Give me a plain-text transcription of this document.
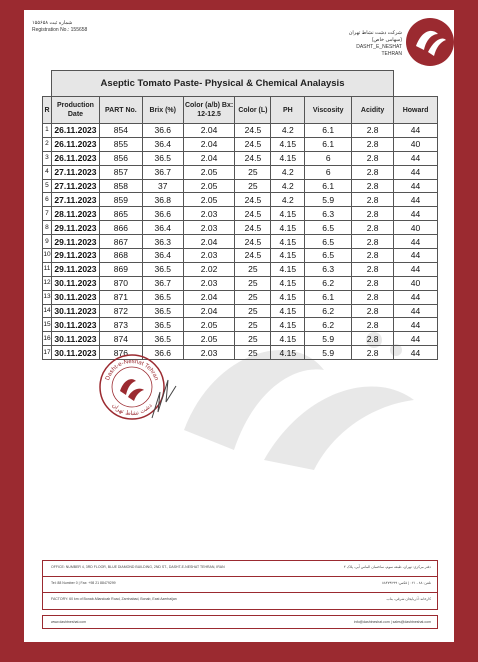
۱۵۵۶۵۸ شماره ثبت
Registration No.: 155658	شرکت دشت نشاط تهران (سهامی خاص)
DASHT_E_NESHAT TEHRAN
	Aseptic Tomato Paste- Physical & Chemical Analaysis								
R	Production Date	PART No.	Brix (%)	Color (a/b) Bx: 12-12.5	Color (L)	PH	Viscosity	Acidity	Howard
1	26.11.2023	854	36.6	2.04	24.5	4.2	6.1	2.8	44
2	26.11.2023	855	36.4	2.04	24.5	4.15	6.1	2.8	40
3	26.11.2023	856	36.5	2.04	24.5	4.15	6	2.8	44
4	27.11.2023	857	36.7	2.05	25	4.2	6	2.8	44
5	27.11.2023	858	37	2.05	25	4.2	6.1	2.8	44
6	27.11.2023	859	36.8	2.05	24.5	4.2	5.9	2.8	44
7	28.11.2023	865	36.6	2.03	24.5	4.15	6.3	2.8	44
8	29.11.2023	866	36.4	2.03	24.5	4.15	6.5	2.8	40
9	29.11.2023	867	36.3	2.04	24.5	4.15	6.5	2.8	44
10	29.11.2023	868	36.4	2.03	24.5	4.15	6.5	2.8	44
11	29.11.2023	869	36.5	2.02	25	4.15	6.3	2.8	44
12	30.11.2023	870	36.7	2.03	25	4.15	6.2	2.8	40
13	30.11.2023	871	36.5	2.04	25	4.15	6.1	2.8	44
14	30.11.2023	872	36.5	2.04	25	4.15	6.2	2.8	44
15	30.11.2023	873	36.5	2.05	25	4.15	6.2	2.8	44
16	30.11.2023	874	36.5	2.05	25	4.15	5.9	2.8	44
17	30.11.2023	876	36.6	2.03	25	4.15	5.9	2.8	44
Dasht-e-Neshat Tehran
دشت نشاط تهران
OFFICE: NUMBER 4, 3RD FLOOR, BLUE DIAMOND BUILDING, 2ND ST., DASHT-E-NESHAT TEHRAN, IRAN	دفتر مرکزی: تهران، طبقه سوم، ساختمان الماس آبی، پلاک ۴
Tel: 88 Number 0 | Fax: +98 21 88479299	تلفن: ۸۸ - ۰۲۱ | فکس: ۸۸۴۷۹۲۹۹
FACTORY: 60 km of Bonab-Miandoab Road, Zarrinabad, Bonab, East Azerbaijan	کارخانه: آذربایجان شرقی، بناب
www.dashtneshat.com	info@dashtneshat.com | sales@dashtneshat.com
